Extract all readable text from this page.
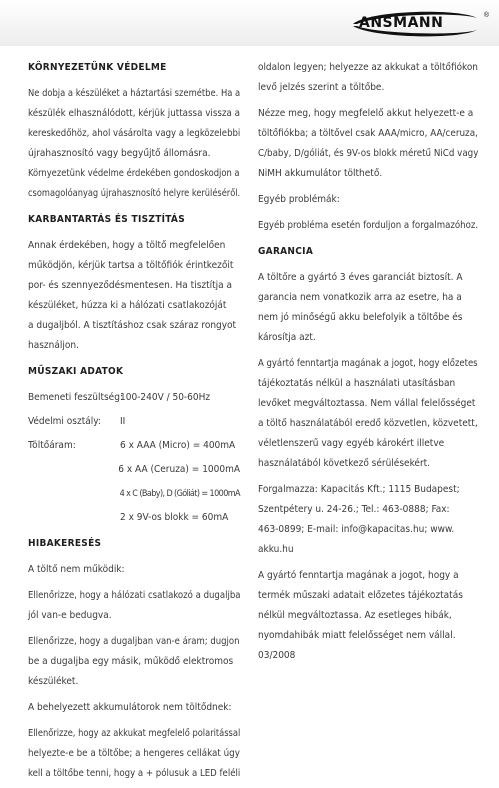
ANSMANN	®

KÖRNYEZETÜNK VÉDELME

Ne dobja a készüléket a háztartási szemétbe. Ha a

készülék elhasználódott, kérjük juttassa vissza a

kereskedőhöz, ahol vásárolta vagy a legközelebbi

újrahasznosító vagy begyűjtő állomásra.

Környezetünk védelme érdekében gondoskodjon a

csomagolóanyag újrahasznosító helyre kerüléséről.

KARBANTARTÁS ÉS TISZTÍTÁS

Annak érdekében, hogy a töltő megfelelően

működjön, kérjük tartsa a töltőfiók érintkezőit

por- és szennyeződésmentesen. Ha tisztítja a

készüléket, húzza ki a hálózati csatlakozóját

a dugaljból. A tisztításhoz csak száraz rongyot

használjon.

MŰSZAKI ADATOK

Bemeneti feszültség:
100-240V / 50-60Hz
Védelmi osztály:	II
Töltőáram:	6 x AAA (Micro) = 400mA
6 x AA (Ceruza) = 1000mA
4 x C (Baby), D (Góliát) = 1000mA
2 x 9V-os blokk = 60mA

HIBAKERESÉS

A töltő nem működik:

Ellenőrizze, hogy a hálózati csatlakozó a dugaljba

jól van-e bedugva.

Ellenőrizze, hogy a dugaljban van-e áram; dugjon

be a dugaljba egy másik, működő elektromos

készüléket.

A behelyezett akkumulátorok nem töltődnek:

Ellenőrizze, hogy az akkukat megfelelő polaritással

helyezte-e be a töltőbe; a hengeres cellákat úgy

kell a töltőbe tenni, hogy a + pólusuk a LED feléli

oldalon legyen; helyezze az akkukat a töltőfiókon

levő jelzés szerint a töltőbe.

Nézze meg, hogy megfelelő akkut helyezett-e a

töltőfiókba; a töltővel csak AAA/micro, AA/ceruza,

C/baby, D/góliát, és 9V-os blokk méretű NiCd vagy

NiMH akkumulátor tölthető.

Egyéb problémák:

Egyéb probléma esetén forduljon a forgalmazóhoz.

GARANCIA

A töltőre a gyártó 3 éves garanciát biztosít. A

garancia nem vonatkozik arra az esetre, ha a

nem jó minőségű akku belefolyik a töltőbe és

károsítja azt.

A gyártó fenntartja magának a jogot, hogy előzetes

tájékoztatás nélkül a használati utasításban

levőket megváltoztassa. Nem vállal felelősséget

a töltő használatából eredő közvetlen, közvetett,

véletlenszerű vagy egyéb károkért illetve

használatából következő sérülésekért.

Forgalmazza: Kapacitás Kft.; 1115 Budapest;

Szentpétery u. 24-26.; Tel.: 463-0888; Fax:

463-0899; E-mail: info@kapacitas.hu; www.

akku.hu

A gyártó fenntartja magának a jogot, hogy a

termék műszaki adatait előzetes tájékoztatás

nélkül megváltoztassa. Az esetleges hibák,

nyomdahibák miatt felelősséget nem vállal.

03/2008
